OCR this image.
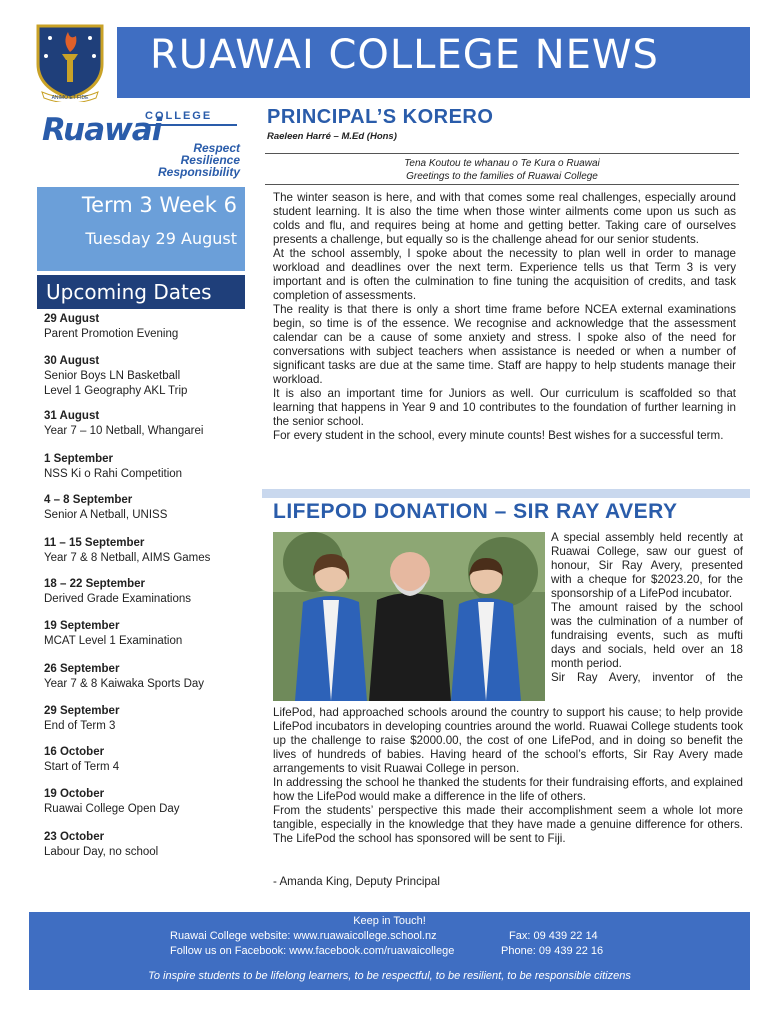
ANIMO ET FIDE
RUAWAI COLLEGE NEWS
COLLEGE
Ruawai	Respect
Resilience
Responsibility
Term 3 Week 6
Tuesday 29 August
Upcoming Dates
29 August
Parent Promotion Evening
30 August
Senior Boys LN Basketball
Level 1 Geography AKL Trip
31 August
Year 7 – 10 Netball, Whangarei
1 September
NSS Ki o Rahi Competition
4 – 8 September
Senior A Netball, UNISS
11 – 15 September
Year 7 & 8 Netball, AIMS Games
18 – 22 September
Derived Grade Examinations
19 September
MCAT Level 1 Examination
26 September
Year 7 & 8 Kaiwaka Sports Day
29 September
End of Term 3
16 October
Start of Term 4
19 October
Ruawai College Open Day
23 October
Labour Day, no school
PRINCIPAL’S KORERO
Raeleen Harré – M.Ed (Hons)
Tena Koutou te whanau o Te Kura o Ruawai
Greetings to the families of Ruawai College

The winter season is here, and with that comes some real challenges, especially around student learning. It is also the time when those winter ailments come upon us such as colds and flu, and requires being at home and getting better. Taking care of ourselves presents a challenge, but equally so is the challenge ahead for our senior students.

At the school assembly, I spoke about the necessity to plan well in order to manage workload and deadlines over the next term. Experience tells us that Term 3 is very important and is often the culmination to fine tuning the acquisition of credits, and task completion of assessments.

The reality is that there is only a short time frame before NCEA external examinations begin, so time is of the essence. We recognise and acknowledge that the assessment calendar can be a cause of some anxiety and stress. I spoke also of the need for conversations with subject teachers when assistance is needed or when a number of significant tasks are due at the same time. Staff are happy to help students manage their workload.

It is also an important time for Juniors as well. Our curriculum is scaffolded so that learning that happens in Year 9 and 10 contributes to the foundation of further learning in the senior school.

For every student in the school, every minute counts! Best wishes for a successful term.

LIFEPOD DONATION – SIR RAY AVERY

A special assembly held recently at Ruawai College, saw our guest of honour, Sir Ray Avery, presented with a cheque for $2023.20, for the sponsorship of a LifePod incubator.

The amount raised by the school was the culmination of a number of fundraising events, such as mufti days and socials, held over an 18 month period.

Sir Ray Avery, inventor of the

LifePod, had approached schools around the country to support his cause; to help provide LifePod incubators in developing countries around the world. Ruawai College students took up the challenge to raise $2000.00, the cost of one LifePod, and in doing so benefit the lives of hundreds of babies. Having heard of the school’s efforts, Sir Ray Avery made arrangements to visit Ruawai College in person.

In addressing the school he thanked the students for their fundraising efforts, and explained how the LifePod would make a difference in the life of others.

From the students’ perspective this made their accomplishment seem a whole lot more tangible, especially in the knowledge that they have made a genuine difference for others. The LifePod the school has sponsored will be sent to Fiji.

- Amanda King, Deputy Principal
Keep in Touch!
Ruawai College website: www.ruawaicollege.school.nz
Follow us on Facebook: www.facebook.com/ruawaicollege
Fax: 09 439 22 14
Phone: 09 439 22 16
To inspire students to be lifelong learners, to be respectful, to be resilient, to be responsible citizens
